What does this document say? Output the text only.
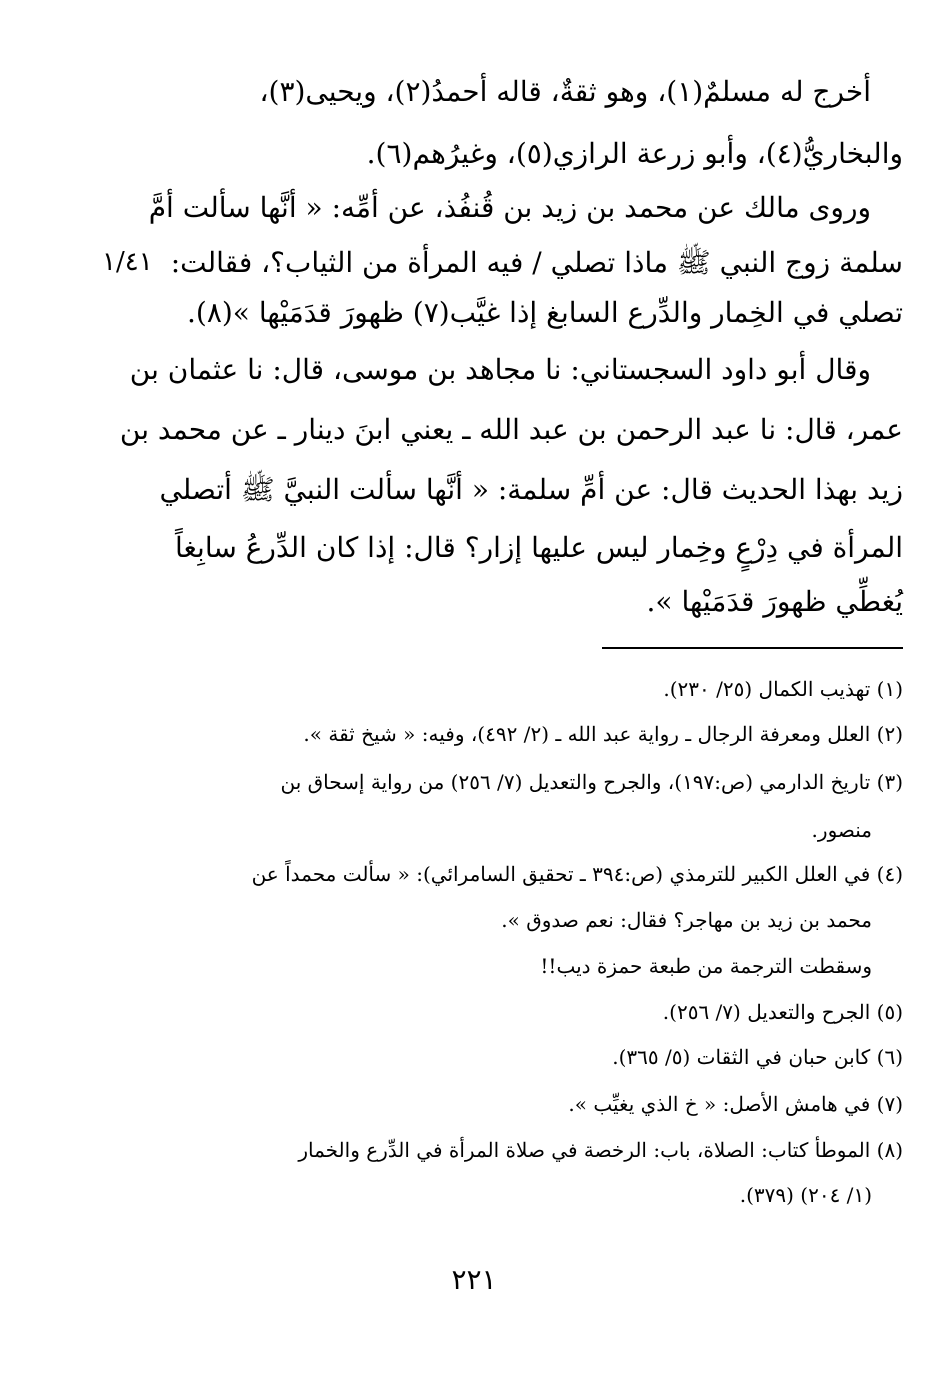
أخرج له مسلمٌ(١)، وهو ثقةٌ، قاله أحمدُ(٢)، ويحيى(٣)،
والبخاريُّ(٤)، وأبو زرعة الرازي(٥)، وغيرُهم(٦).
وروى مالك عن محمد بن زيد بن قُنفُذ، عن أمِّه: « أنَّها سألت أمَّ
سلمة زوج النبي ﷺ ماذا تصلي / فيه المرأة من الثياب؟، فقالت:
تصلي في الخِمار والدِّرع السابغ إذا غيَّب(٧) ظهورَ قدَمَيْها »(٨).
وقال أبو داود السجستاني: نا مجاهد بن موسى، قال: نا عثمان بن
عمر، قال: نا عبد الرحمن بن عبد الله ـ يعني ابنَ دينار ـ عن محمد بن
زيد بهذا الحديث قال: عن أمِّ سلمة: « أنَّها سألت النبيَّ ﷺ أتصلي
المرأة في دِرْعٍ وخِمار ليس عليها إزار؟ قال: إذا كان الدِّرعُ سابِغاً
يُغطِّي ظهورَ قدَمَيْها ».
١/٤١
(١) تهذيب الكمال (٢٥/ ٢٣٠).
(٢) العلل ومعرفة الرجال ـ رواية عبد الله ـ (٢/ ٤٩٢)، وفيه: « شيخ ثقة ».
(٣) تاريخ الدارمي (ص:١٩٧)، والجرح والتعديل (٧/ ٢٥٦) من رواية إسحاق بن
منصور.
(٤) في العلل الكبير للترمذي (ص:٣٩٤ ـ تحقيق السامرائي): « سألت محمداً عن
محمد بن زيد بن مهاجر؟ فقال: نعم صدوق ».
وسقطت الترجمة من طبعة حمزة ديب!!
(٥) الجرح والتعديل (٧/ ٢٥٦).
(٦) كابن حبان في الثقات (٥/ ٣٦٥).
(٧) في هامش الأصل: « خ الذي يغيِّب ».
(٨) الموطأ كتاب: الصلاة، باب: الرخصة في صلاة المرأة في الدِّرع والخمار
(١/ ٢٠٤) (٣٧٩).
٢٢١
